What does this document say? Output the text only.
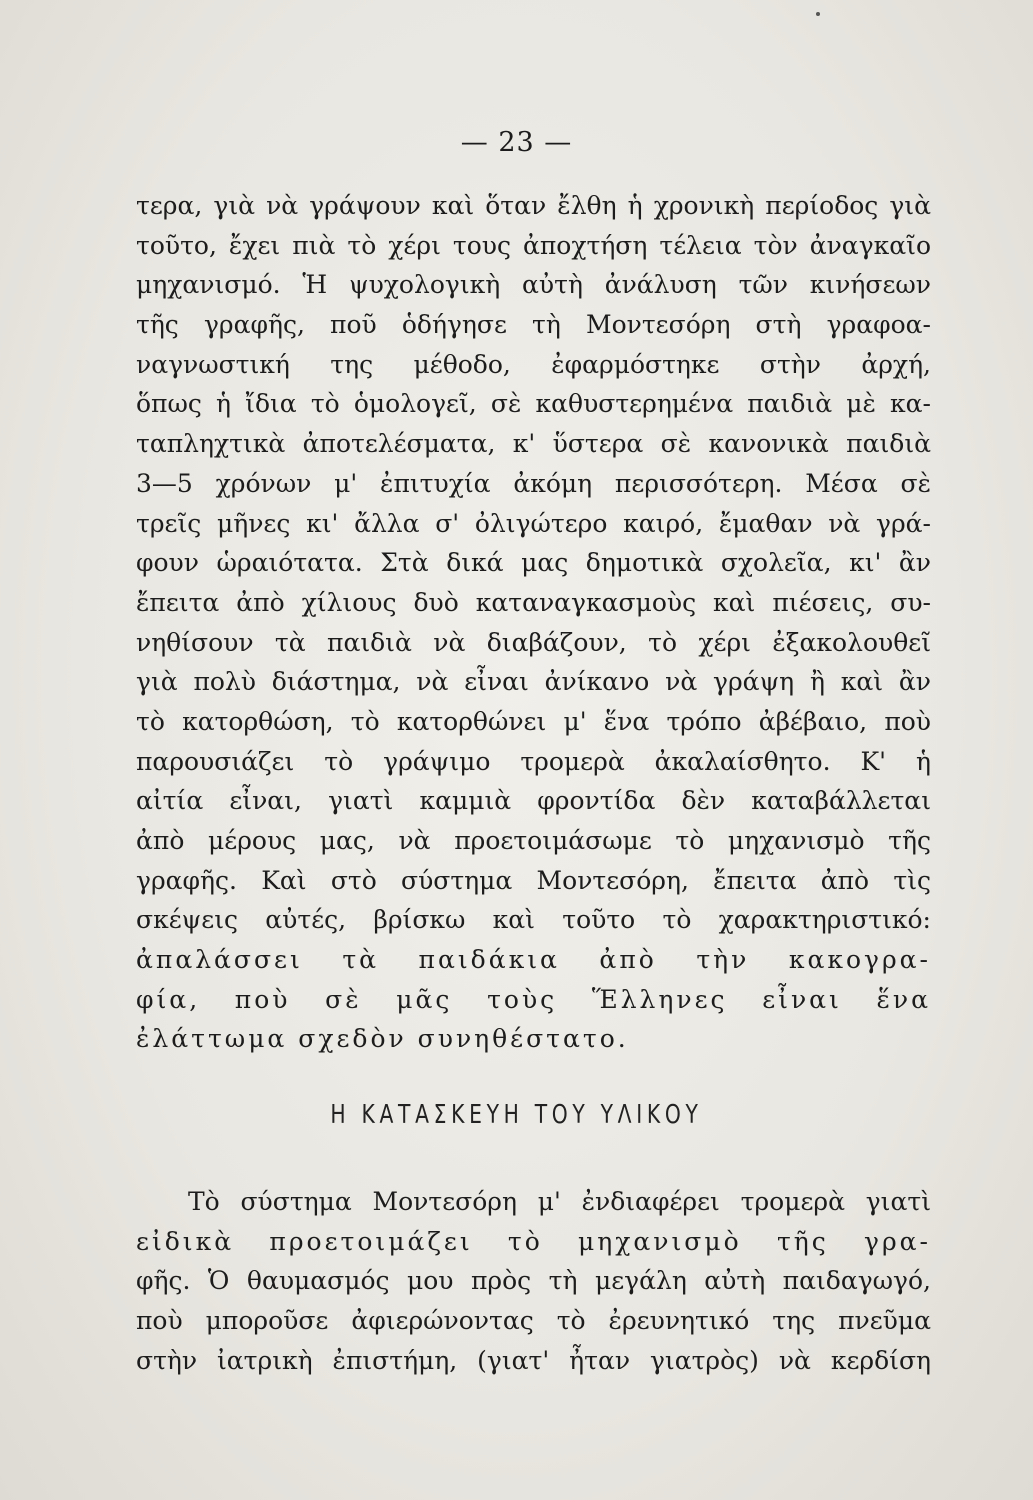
— 23 —
τερα, γιὰ νὰ γράψουν καὶ ὅταν ἔλθη ἡ χρονικὴ περίοδος γιὰ
τοῦτο, ἔχει πιὰ τὸ χέρι τους ἀποχτήση τέλεια τὸν ἀναγκαῖο
μηχανισμό. Ἡ ψυχολογικὴ αὐτὴ ἀνάλυση τῶν κινήσεων
τῆς γραφῆς, ποῦ ὁδήγησε τὴ Μοντεσόρη στὴ γραφοα-
ναγνωστική της μέθοδο, ἐφαρμόστηκε στὴν ἀρχή,
ὅπως ἡ ἴδια τὸ ὁμολογεῖ, σὲ καθυστερημένα παιδιὰ μὲ κα-
ταπληχτικὰ ἀποτελέσματα, κ' ὕστερα σὲ κανονικὰ παιδιὰ
3—5 χρόνων μ' ἐπιτυχία ἀκόμη περισσότερη. Μέσα σὲ
τρεῖς μῆνες κι' ἄλλα σ' ὀλιγώτερο καιρό, ἔμαθαν νὰ γρά-
φουν ὡραιότατα. Στὰ δικά μας δημοτικὰ σχολεῖα, κι' ἂν
ἔπειτα ἀπὸ χίλιους δυὸ καταναγκασμοὺς καὶ πιέσεις, συ-
νηθίσουν τὰ παιδιὰ νὰ διαβάζουν, τὸ χέρι ἐξακολουθεῖ
γιὰ πολὺ διάστημα, νὰ εἶναι ἀνίκανο νὰ γράψη ἢ καὶ ἂν
τὸ κατορθώση, τὸ κατορθώνει μ' ἕνα τρόπο ἀβέβαιο, ποὺ
παρουσιάζει τὸ γράψιμο τρομερὰ ἀκαλαίσθητο. Κ' ἡ
αἰτία εἶναι, γιατὶ καμμιὰ φροντίδα δὲν καταβάλλεται
ἀπὸ μέρους μας, νὰ προετοιμάσωμε τὸ μηχανισμὸ τῆς
γραφῆς. Καὶ στὸ σύστημα Μοντεσόρη, ἔπειτα ἀπὸ τὶς
σκέψεις αὐτές, βρίσκω καὶ τοῦτο τὸ χαρακτηριστικό:
ἀπαλάσσει τὰ παιδάκια ἀπὸ τὴν κακογρα-
φία, ποὺ σὲ μᾶς τοὺς Ἕλληνες εἶναι ἕνα
ἐλάττωμα σχεδὸν συνηθέστατο.
Η ΚΑΤΑΣΚΕΥΗ ΤΟΥ ΥΛΙΚΟΥ
Τὸ σύστημα Μοντεσόρη μ' ἐνδιαφέρει τρομερὰ γιατὶ
εἰδικὰ προετοιμάζει τὸ μηχανισμὸ τῆς γρα-
φῆς. Ὁ θαυμασμός μου πρὸς τὴ μεγάλη αὐτὴ παιδαγωγό,
ποὺ μποροῦσε ἀφιερώνοντας τὸ ἐρευνητικό της πνεῦμα
στὴν ἰατρικὴ ἐπιστήμη, (γιατ' ἦταν γιατρὸς) νὰ κερδίση
